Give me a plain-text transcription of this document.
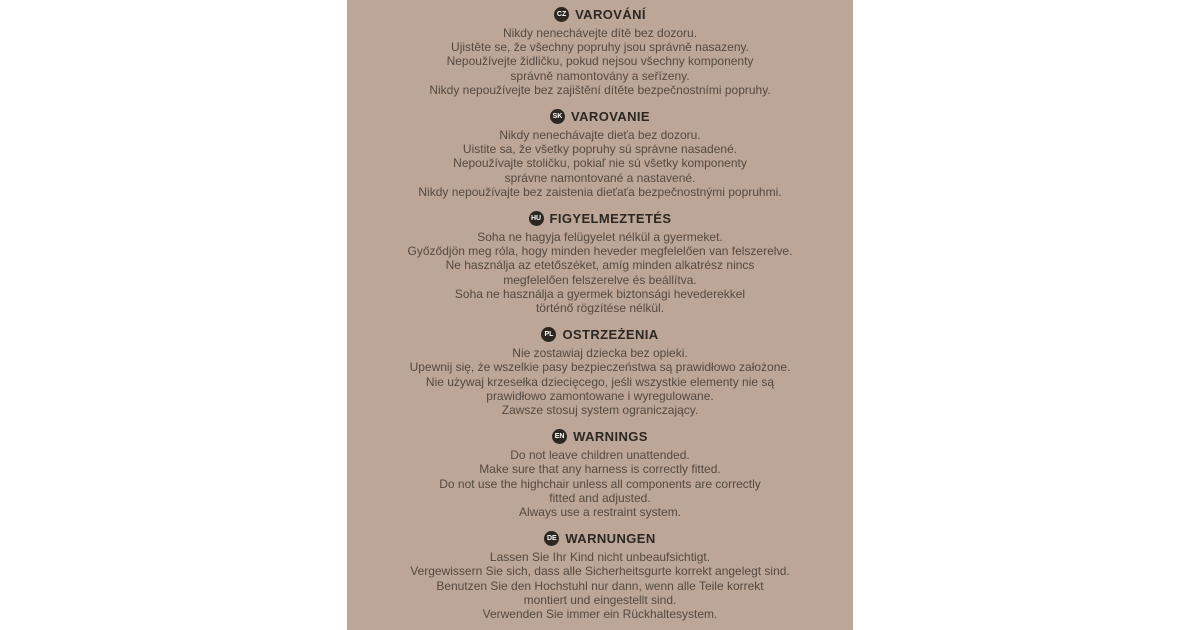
CZ VAROVÁNÍ
Nikdy nenechávejte dítě bez dozoru.
Ujistěte se, že všechny popruhy jsou správně nasazeny.
Nepoužívejte židličku, pokud nejsou všechny komponenty
správně namontovány a seřízeny.
Nikdy nepoužívejte bez zajištění dítěte bezpečnostními popruhy.
SK VAROVANIE
Nikdy nenechávajte dieťa bez dozoru.
Uistite sa, že všetky popruhy sú správne nasadené.
Nepoužívajte stoličku, pokiaľ nie sú všetky komponenty
správne namontované a nastavené.
Nikdy nepoužívajte bez zaistenia dieťaťa bezpečnostnými popruhmi.
HU FIGYELMEZTETÉS
Soha ne hagyja felügyelet nélkül a gyermeket.
Győződjön meg róla, hogy minden heveder megfelelően van felszerelve.
Ne használja az etetőszéket, amíg minden alkatrész nincs
megfelelően felszerelve és beállítva.
Soha ne használja a gyermek biztonsági hevederekkel
történő rögzítése nélkül.
PL OSTRZEŻENIA
Nie zostawiaj dziecka bez opieki.
Upewnij się, że wszelkie pasy bezpieczeństwa są prawidłowo założone.
Nie używaj krzesełka dziecięcego, jeśli wszystkie elementy nie są
prawidłowo zamontowane i wyregulowane.
Zawsze stosuj system ograniczający.
EN WARNINGS
Do not leave children unattended.
Make sure that any harness is correctly fitted.
Do not use the highchair unless all components are correctly
fitted and adjusted.
Always use a restraint system.
DE WARNUNGEN
Lassen Sie Ihr Kind nicht unbeaufsichtigt.
Vergewissern Sie sich, dass alle Sicherheitsgurte korrekt angelegt sind.
Benutzen Sie den Hochstuhl nur dann, wenn alle Teile korrekt
montiert und eingestellt sind.
Verwenden Sie immer ein Rückhaltesystem.
